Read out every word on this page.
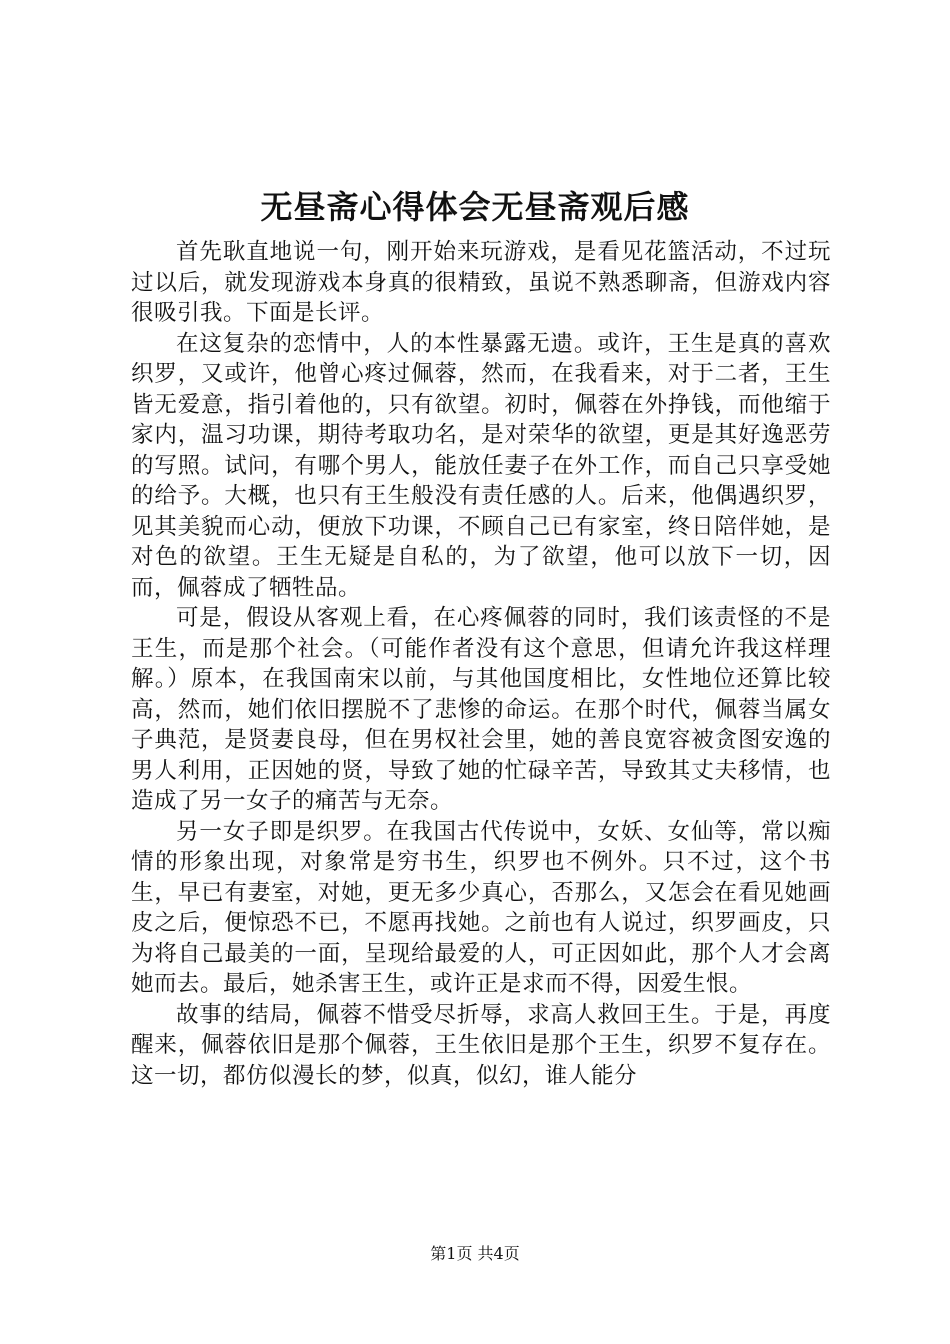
无昼斋心得体会无昼斋观后感

首先耿直地说一句，刚开始来玩游戏，是看见花篮活动，不过玩过以后，就发现游戏本身真的很精致，虽说不熟悉聊斋，但游戏内容很吸引我。下面是长评。

在这复杂的恋情中，人的本性暴露无遗。或许，王生是真的喜欢织罗，又或许，他曾心疼过佩蓉，然而，在我看来，对于二者，王生皆无爱意，指引着他的，只有欲望。初时，佩蓉在外挣钱，而他缩于家内，温习功课，期待考取功名，是对荣华的欲望，更是其好逸恶劳的写照。试问，有哪个男人，能放任妻子在外工作，而自己只享受她的给予。大概，也只有王生般没有责任感的人。后来，他偶遇织罗，见其美貌而心动，便放下功课，不顾自己已有家室，终日陪伴她，是对色的欲望。王生无疑是自私的，为了欲望，他可以放下一切，因而，佩蓉成了牺牲品。

可是，假设从客观上看，在心疼佩蓉的同时，我们该责怪的不是王生，而是那个社会。（可能作者没有这个意思，但请允许我这样理解。）原本，在我国南宋以前，与其他国度相比，女性地位还算比较高，然而，她们依旧摆脱不了悲惨的命运。在那个时代，佩蓉当属女子典范，是贤妻良母，但在男权社会里，她的善良宽容被贪图安逸的男人利用，正因她的贤，导致了她的忙碌辛苦，导致其丈夫移情，也造成了另一女子的痛苦与无奈。

另一女子即是织罗。在我国古代传说中，女妖、女仙等，常以痴情的形象出现，对象常是穷书生，织罗也不例外。只不过，这个书生，早已有妻室，对她，更无多少真心，否那么，又怎会在看见她画皮之后，便惊恐不已，不愿再找她。之前也有人说过，织罗画皮，只为将自己最美的一面，呈现给最爱的人，可正因如此，那个人才会离她而去。最后，她杀害王生，或许正是求而不得，因爱生恨。

故事的结局，佩蓉不惜受尽折辱，求高人救回王生。于是，再度醒来，佩蓉依旧是那个佩蓉，王生依旧是那个王生，织罗不复存在。这一切，都仿似漫长的梦，似真，似幻，谁人能分

第1页 共4页
